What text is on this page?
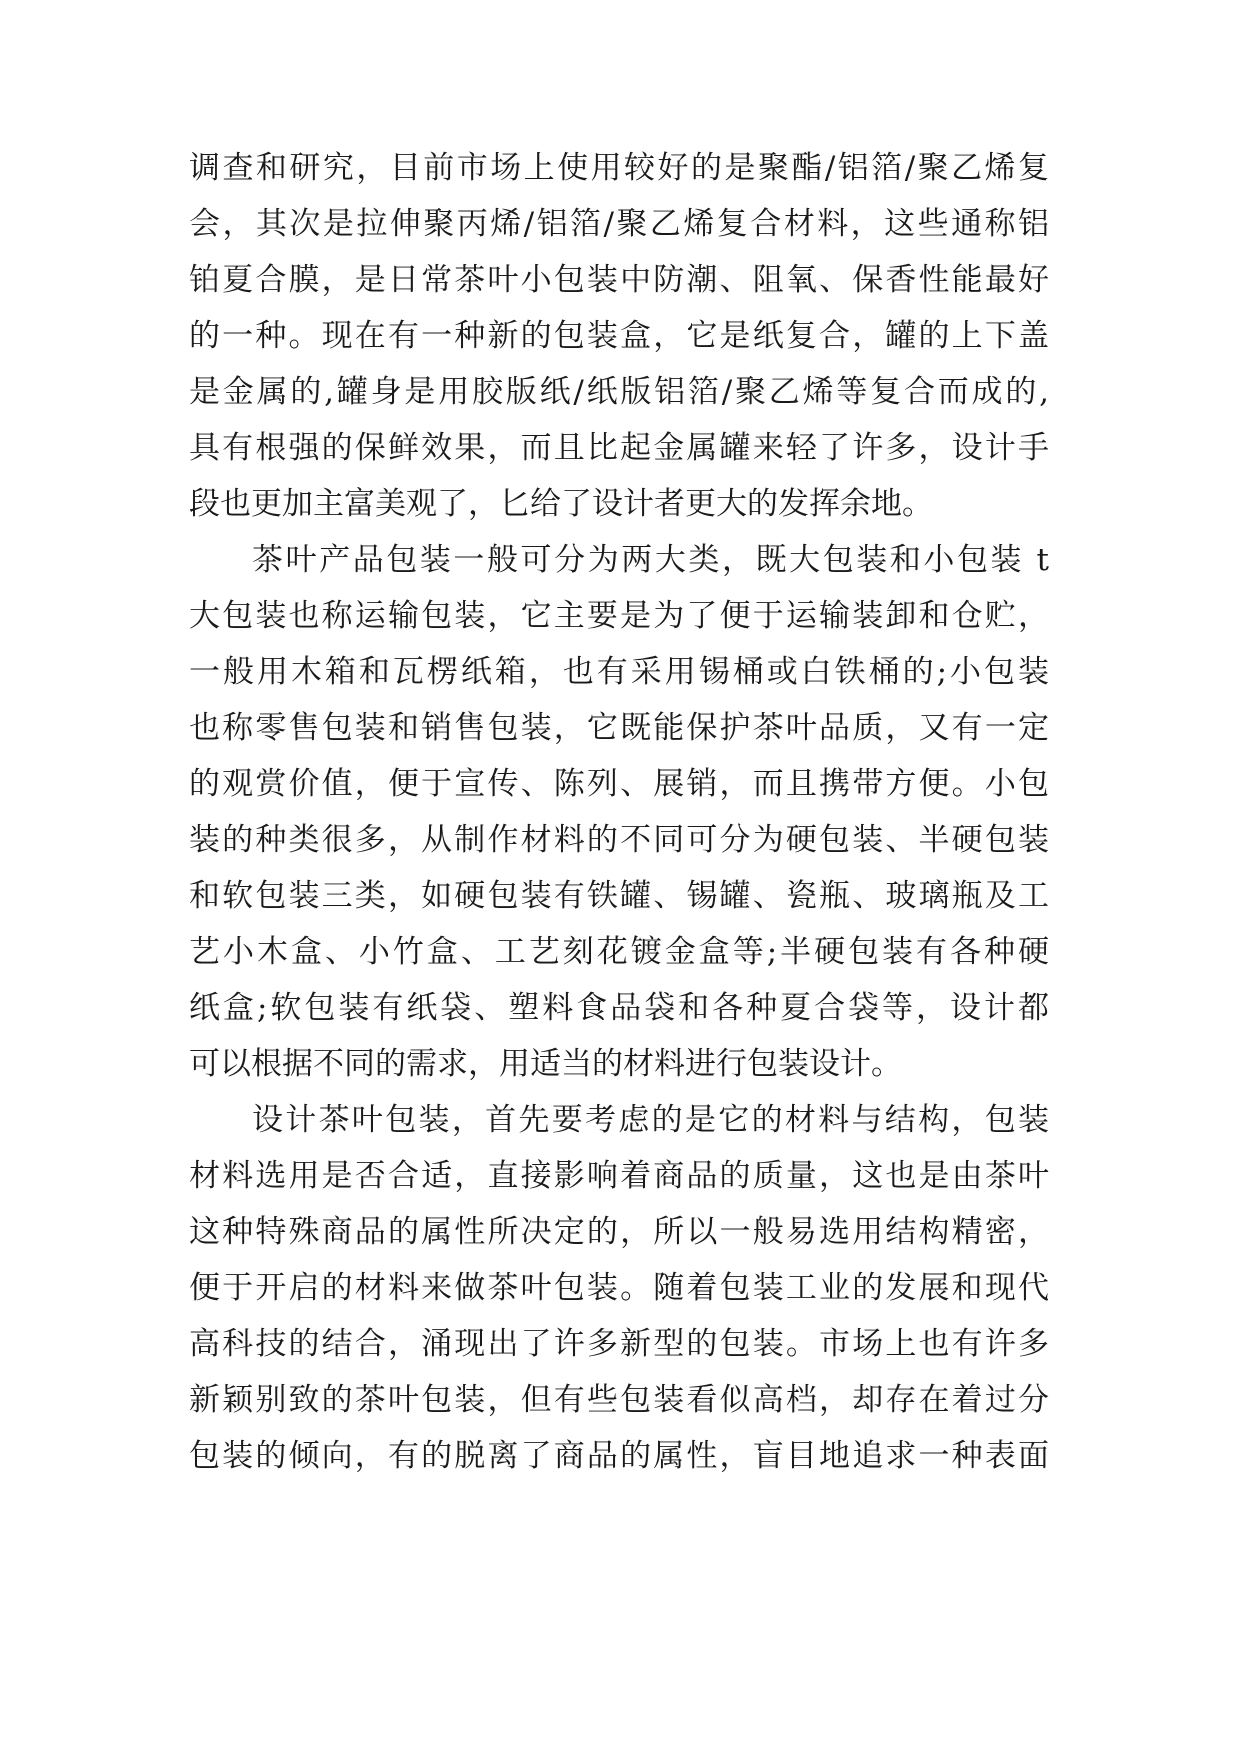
调查和研究，目前市场上使用较好的是聚酯/铝箔/聚乙烯复
会，其次是拉伸聚丙烯/铝箔/聚乙烯复合材料，这些通称铝
铂夏合膜，是日常茶叶小包装中防潮、阻氧、保香性能最好
的一种。现在有一种新的包装盒，它是纸复合，罐的上下盖
是金属的,罐身是用胶版纸/纸版铝箔/聚乙烯等复合而成的,
具有根强的保鲜效果，而且比起金属罐来轻了许多，设计手
段也更加主富美观了，匕给了设计者更大的发挥余地。
茶叶产品包装一般可分为两大类，既大包装和小包装 t
大包装也称运输包装，它主要是为了便于运输装卸和仓贮，
一般用木箱和瓦楞纸箱，也有采用锡桶或白铁桶的;小包装
也称零售包装和销售包装，它既能保护茶叶品质，又有一定
的观赏价值，便于宣传、陈列、展销，而且携带方便。小包
装的种类很多，从制作材料的不同可分为硬包装、半硬包装
和软包装三类，如硬包装有铁罐、锡罐、瓷瓶、玻璃瓶及工
艺小木盒、小竹盒、工艺刻花镀金盒等;半硬包装有各种硬
纸盒;软包装有纸袋、塑料食品袋和各种夏合袋等，设计都
可以根据不同的需求，用适当的材料进行包装设计。
设计茶叶包装，首先要考虑的是它的材料与结构，包装
材料选用是否合适，直接影响着商品的质量，这也是由茶叶
这种特殊商品的属性所决定的，所以一般易选用结构精密，
便于开启的材料来做茶叶包装。随着包装工业的发展和现代
高科技的结合，涌现出了许多新型的包装。市场上也有许多
新颖别致的茶叶包装，但有些包装看似高档，却存在着过分
包装的倾向，有的脱离了商品的属性，盲目地追求一种表面
